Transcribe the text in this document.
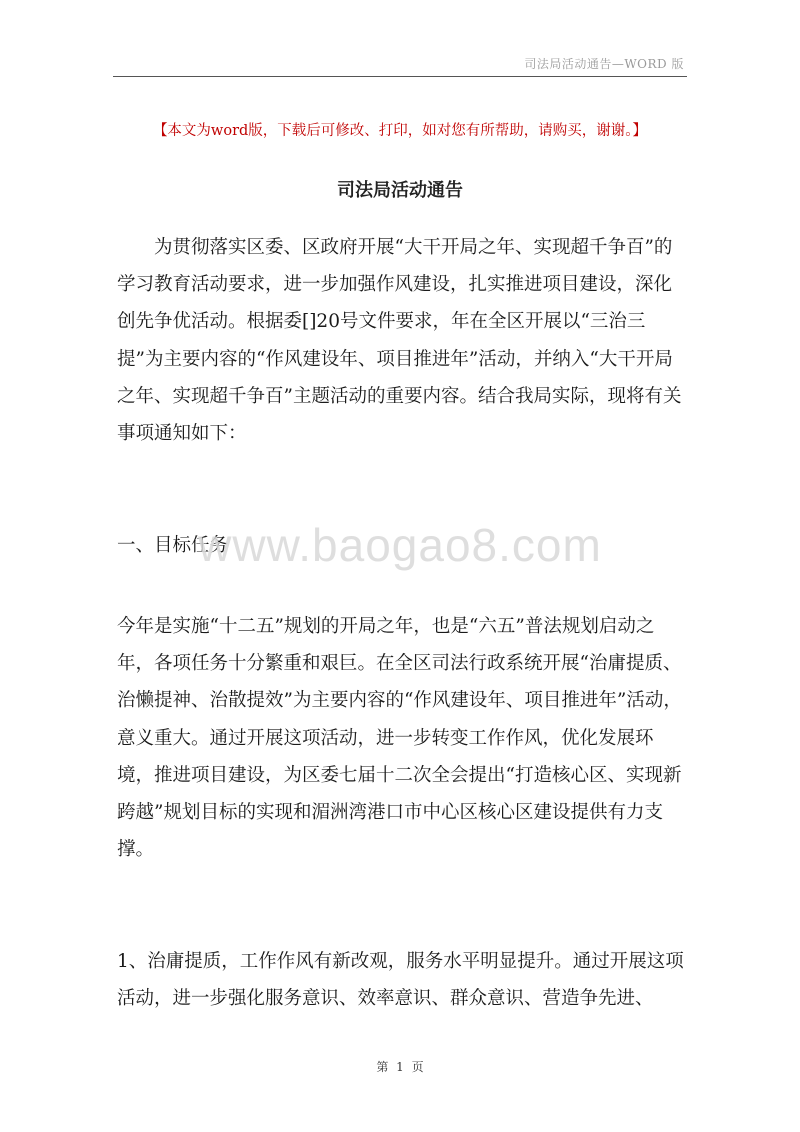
司法局活动通告—WORD 版
【本文为word版，下载后可修改、打印，如对您有所帮助，请购买，谢谢。】
司法局活动通告

为贯彻落实区委、区政府开展“大干开局之年、实现超千争百”的学习教育活动要求，进一步加强作风建设，扎实推进项目建设，深化创先争优活动。根据委[]20号文件要求，年在全区开展以“三治三提”为主要内容的“作风建设年、项目推进年”活动，并纳入“大干开局之年、实现超千争百”主题活动的重要内容。结合我局实际，现将有关事项通知如下：

一、目标任务

www.baogao8.com

今年是实施“十二五”规划的开局之年，也是“六五”普法规划启动之年，各项任务十分繁重和艰巨。在全区司法行政系统开展“治庸提质、治懒提神、治散提效”为主要内容的“作风建设年、项目推进年”活动，意义重大。通过开展这项活动，进一步转变工作作风，优化发展环境，推进项目建设，为区委七届十二次全会提出“打造核心区、实现新跨越”规划目标的实现和湄洲湾港口市中心区核心区建设提供有力支撑。

1、治庸提质，工作作风有新改观，服务水平明显提升。通过开展这项活动，进一步强化服务意识、效率意识、群众意识、营造争先进、

第 1 页
